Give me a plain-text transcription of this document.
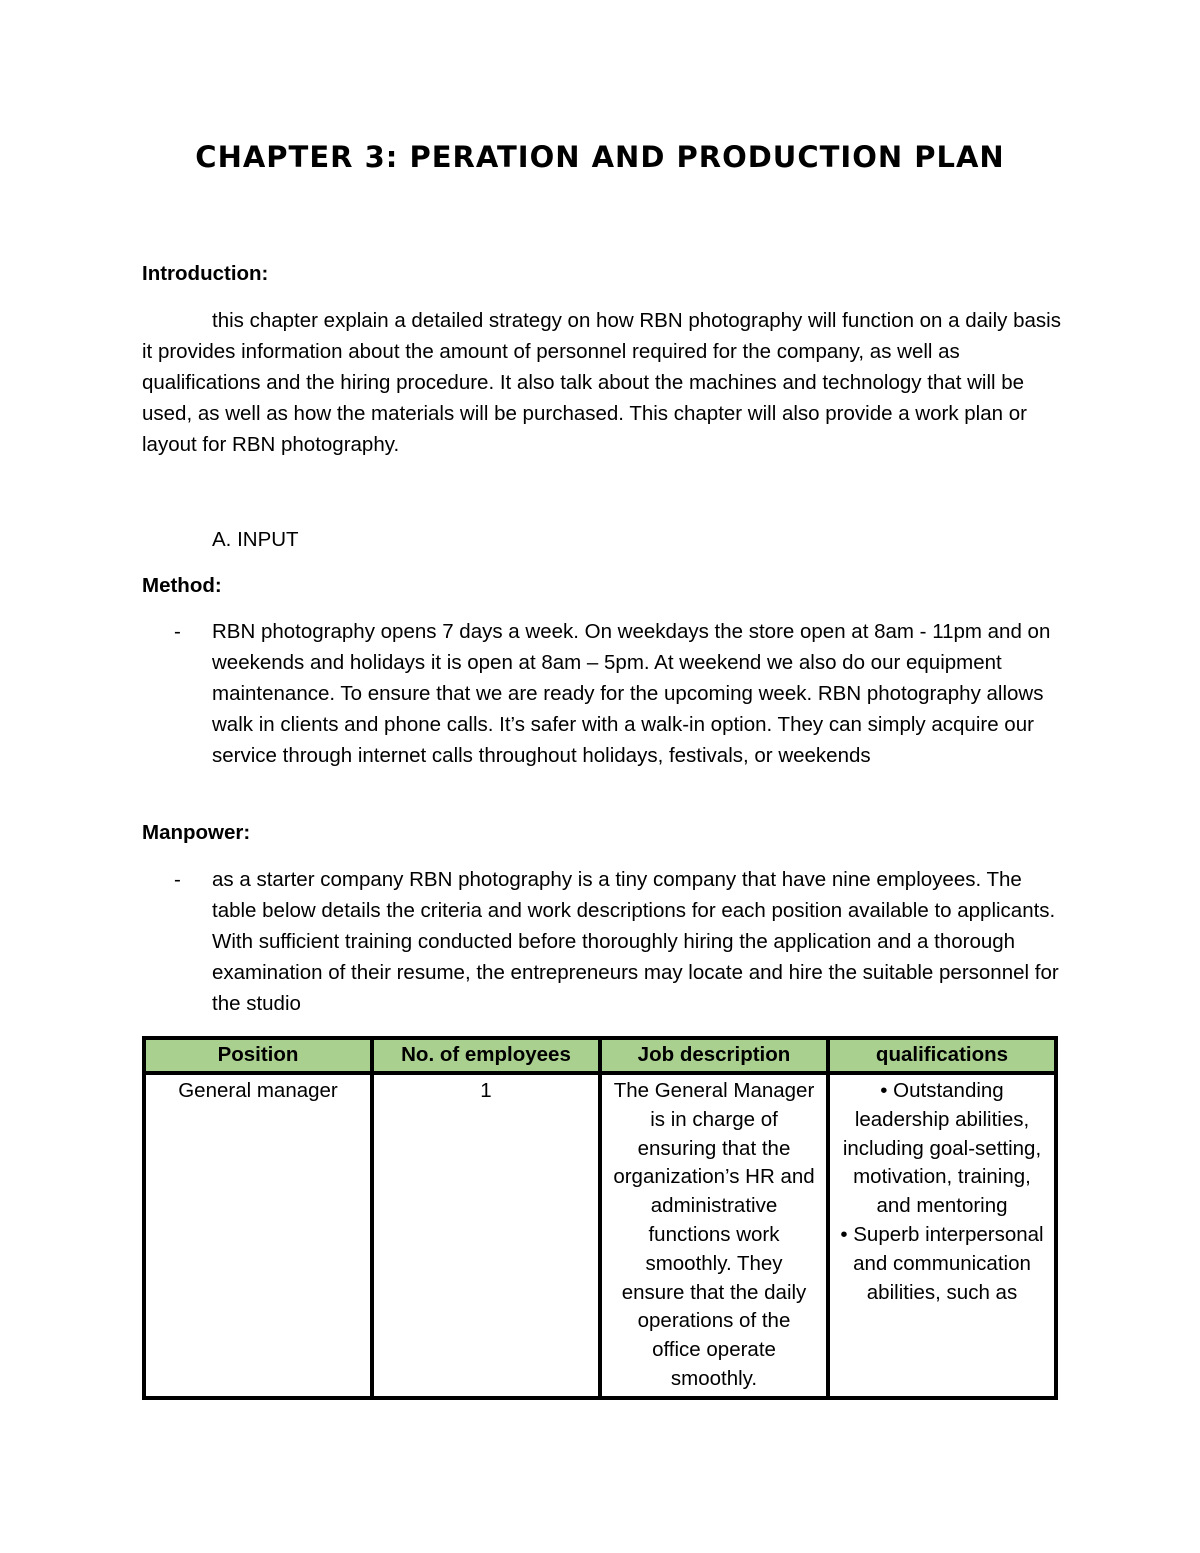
CHAPTER 3: PERATION AND PRODUCTION PLAN
Introduction:
this chapter explain a detailed strategy on how RBN photography will function on a daily basis it provides information about the amount of personnel required for the company, as well as qualifications and the hiring procedure. It also talk about the machines and technology that will be used, as well as how the materials will be purchased. This chapter will also provide a work plan or layout for RBN photography.
A. INPUT
Method:
- RBN photography opens 7 days a week. On weekdays the store open at 8am - 11pm and on weekends and holidays it is open at 8am – 5pm. At weekend we also do our equipment maintenance. To ensure that we are ready for the upcoming week. RBN photography allows walk in clients and phone calls. It’s safer with a walk-in option. They can simply acquire our service through internet calls throughout holidays, festivals, or weekends
Manpower:
- as a starter company RBN photography is a tiny company that have nine employees. The table below details the criteria and work descriptions for each position available to applicants. With sufficient training conducted before thoroughly hiring the application and a thorough examination of their resume, the entrepreneurs may locate and hire the suitable personnel for the studio
Position	No. of employees	Job description	qualifications
General manager	1	The General Manager is in charge of ensuring that the organization’s HR and administrative functions work smoothly. They ensure that the daily operations of the office operate smoothly.	• Outstanding leadership abilities, including goal-setting, motivation, training, and mentoring
• Superb interpersonal and communication abilities, such as
